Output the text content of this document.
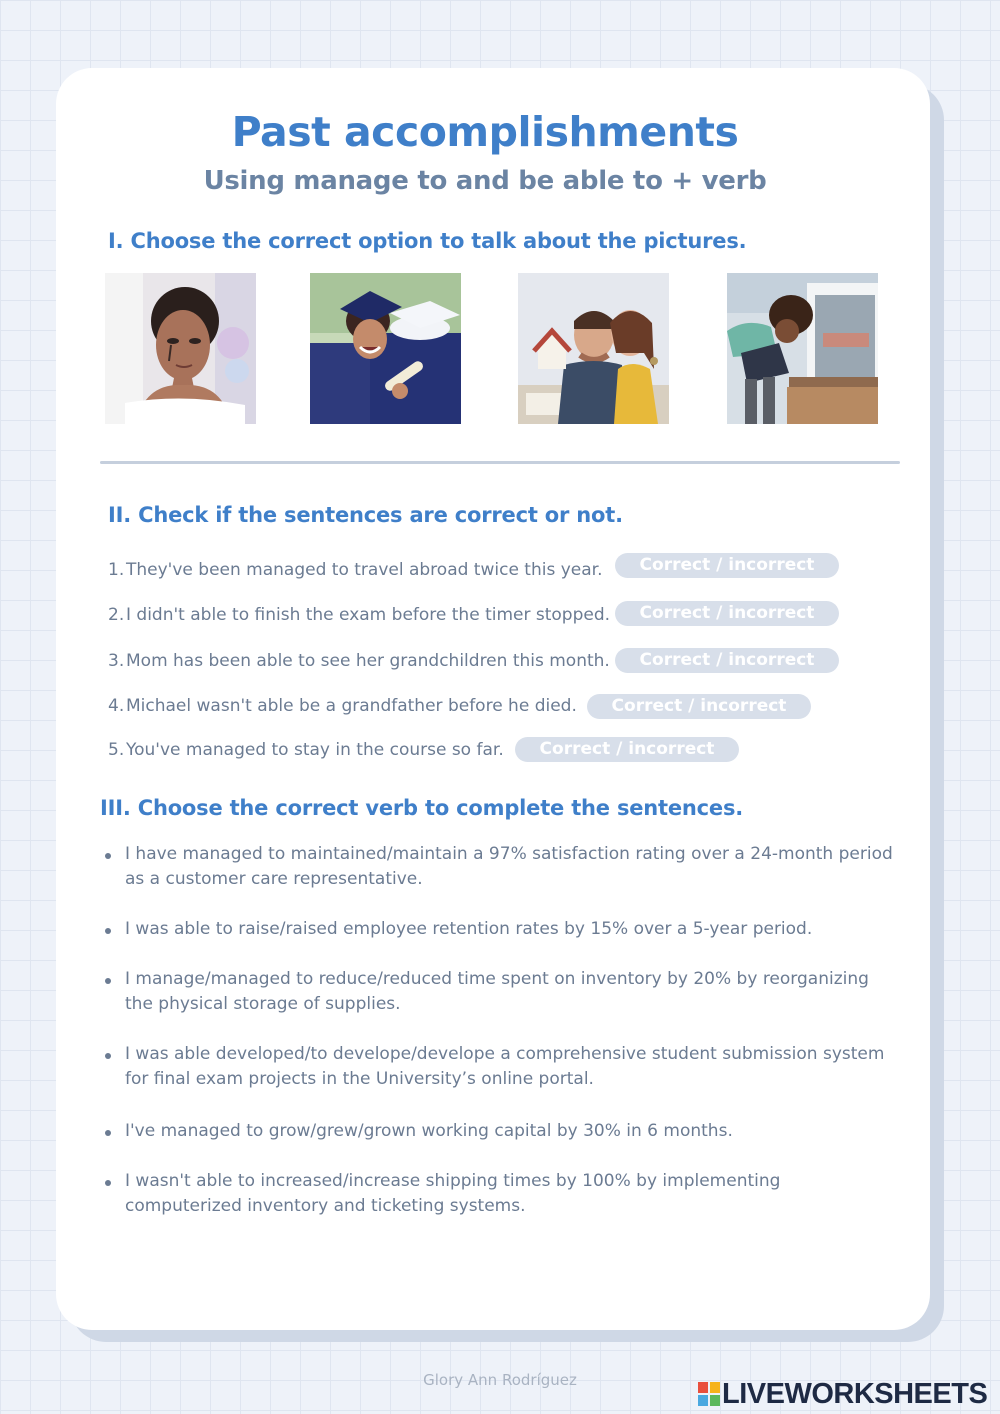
Past accomplishments
Using manage to and be able to + verb
I. Choose the correct option to talk about the pictures.
II. Check if the sentences are correct or not.
1. They've been managed to travel abroad twice this year.	Correct / incorrect
2. I didn't able to finish the exam before the timer stopped.	Correct / incorrect
3. Mom has been able to see her grandchildren this month.	Correct / incorrect
4. Michael wasn't able be a grandfather before he died.	Correct / incorrect
5. You've managed to stay in the course so far.	Correct / incorrect
III. Choose the correct verb to complete the sentences.
I have managed to maintained/maintain a 97% satisfaction rating over a 24-month period as a customer care representative.
I was able to raise/raised employee retention rates by 15% over a 5-year period.
I manage/managed to reduce/reduced time spent on inventory by 20% by reorganizing the physical storage of supplies.
I was able developed/to develope/develope a comprehensive student submission system for final exam projects in the University’s online portal.
I've managed to grow/grew/grown working capital by 30% in 6 months.
I wasn't able to increased/increase shipping times by 100% by implementing computerized inventory and ticketing systems.
Glory Ann Rodríguez	LIVEWORKSHEETS
